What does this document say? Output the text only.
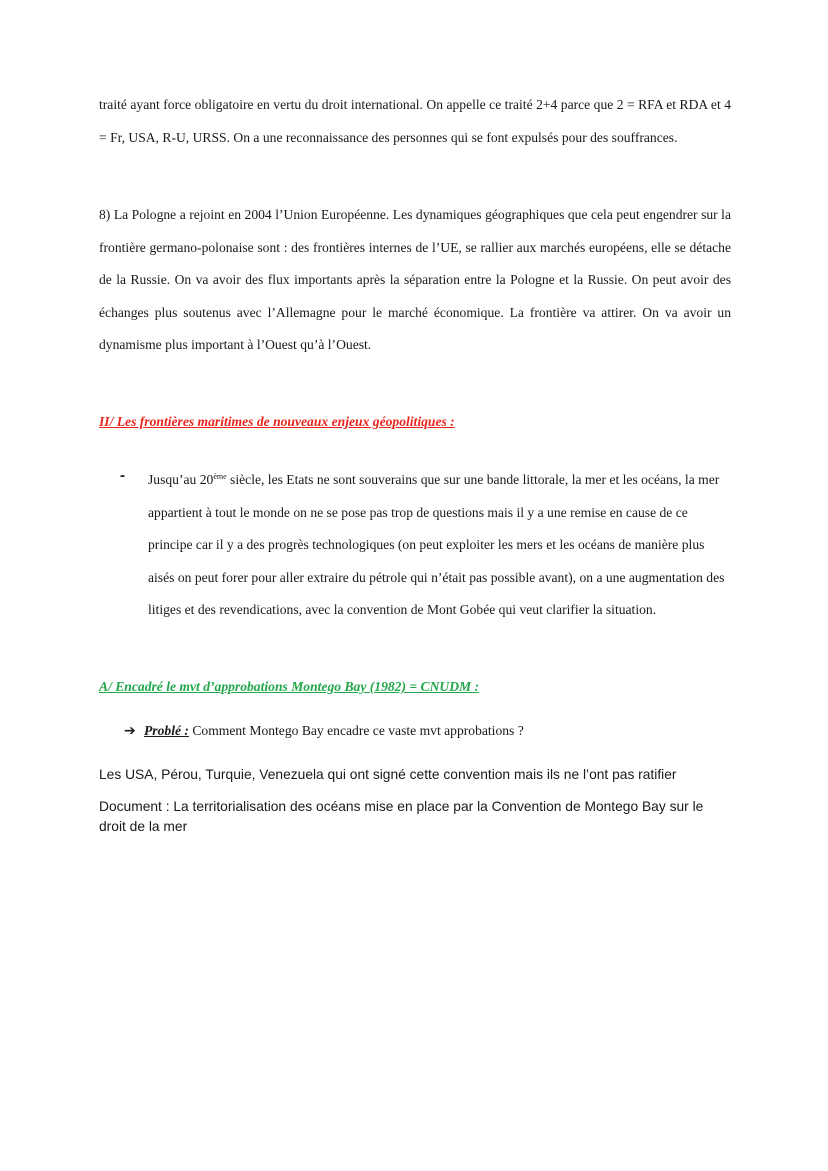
traité ayant force obligatoire en vertu du droit international. On appelle ce traité 2+4 parce que 2 = RFA et RDA et 4 = Fr, USA, R-U, URSS. On a une reconnaissance des personnes qui se font expulsés pour des souffrances.

8) La Pologne a rejoint en 2004 l’Union Européenne. Les dynamiques géographiques que cela peut engendrer sur la frontière germano-polonaise sont : des frontières internes de l’UE, se rallier aux marchés européens, elle se détache de la Russie. On va avoir des flux importants après la séparation entre la Pologne et la Russie. On peut avoir des échanges plus soutenus avec l’Allemagne pour le marché économique. La frontière va attirer. On va avoir un dynamisme plus important à l’Ouest qu’à l’Ouest.

II/ Les frontières maritimes de nouveaux enjeux géopolitiques :
- Jusqu’au 20ème siècle, les Etats ne sont souverains que sur une bande littorale, la mer et les océans, la mer appartient à tout le monde on ne se pose pas trop de questions mais il y a une remise en cause de ce principe car il y a des progrès technologiques (on peut exploiter les mers et les océans de manière plus aisés on peut forer pour aller extraire du pétrole qui n’était pas possible avant), on a une augmentation des litiges et des revendications, avec la convention de Mont Gobée qui veut clarifier la situation.

A/ Encadré le mvt d’approbations Montego Bay (1982) = CNUDM :
➔ Problé : Comment Montego Bay encadre ce vaste mvt approbations ?

Les USA, Pérou, Turquie, Venezuela qui ont signé cette convention mais ils ne l’ont pas ratifier

Document : La territorialisation des océans mise en place par la Convention de Montego Bay sur le droit de la mer
